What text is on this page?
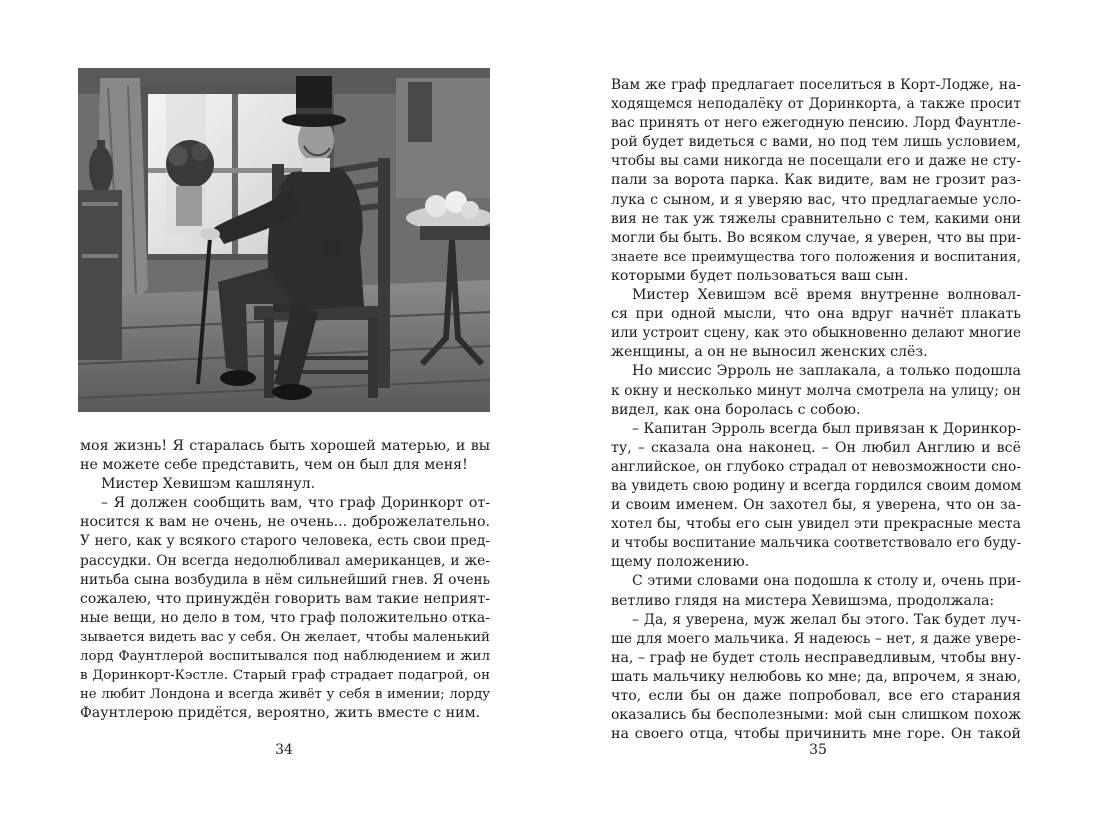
моя жизнь! Я старалась быть хорошей матерью, и вы
не можете себе представить, чем он был для меня!
Мистер Хевишэм кашлянул.
– Я должен сообщить вам, что граф Доринкорт от-
носится к вам не очень, не очень... доброжелательно.
У него, как у всякого старого человека, есть свои пред-
рассудки. Он всегда недолюбливал американцев, и же-
нитьба сына возбудила в нём сильнейший гнев. Я очень
сожалею, что принуждён говорить вам такие неприят-
ные вещи, но дело в том, что граф положительно отка-
зывается видеть вас у себя. Он желает, чтобы маленький
лорд Фаунтлерой воспитывался под наблюдением и жил
в Доринкорт-Кэстле. Старый граф страдает подагрой, он
не любит Лондона и всегда живёт у себя в имении; лорду
Фаунтлерою придётся, вероятно, жить вместе с ним.
34
Вам же граф предлагает поселиться в Корт-Лодже, на-
ходящемся неподалёку от Доринкорта, а также просит
вас принять от него ежегодную пенсию. Лорд Фаунтле-
рой будет видеться с вами, но под тем лишь условием,
чтобы вы сами никогда не посещали его и даже не сту-
пали за ворота парка. Как видите, вам не грозит раз-
лука с сыном, и я уверяю вас, что предлагаемые усло-
вия не так уж тяжелы сравнительно с тем, какими они
могли бы быть. Во всяком случае, я уверен, что вы при-
знаете все преимущества того положения и воспитания,
которыми будет пользоваться ваш сын.
Мистер Хевишэм всё время внутренне волновал-
ся при одной мысли, что она вдруг начнёт плакать
или устроит сцену, как это обыкновенно делают многие
женщины, а он не выносил женских слёз.
Но миссис Эрроль не заплакала, а только подошла
к окну и несколько минут молча смотрела на улицу; он
видел, как она боролась с собою.
– Капитан Эрроль всегда был привязан к Доринкор-
ту, – сказала она наконец. – Он любил Англию и всё
английское, он глубоко страдал от невозможности сно-
ва увидеть свою родину и всегда гордился своим домом
и своим именем. Он захотел бы, я уверена, что он за-
хотел бы, чтобы его сын увидел эти прекрасные места
и чтобы воспитание мальчика соответствовало его буду-
щему положению.
С этими словами она подошла к столу и, очень при-
ветливо глядя на мистера Хевишэма, продолжала:
– Да, я уверена, муж желал бы этого. Так будет луч-
ше для моего мальчика. Я надеюсь – нет, я даже увере-
на, – граф не будет столь несправедливым, чтобы вну-
шать мальчику нелюбовь ко мне; да, впрочем, я знаю,
что, если бы он даже попробовал, все его старания
оказались бы бесполезными: мой сын слишком похож
на своего отца, чтобы причинить мне горе. Он такой
35
